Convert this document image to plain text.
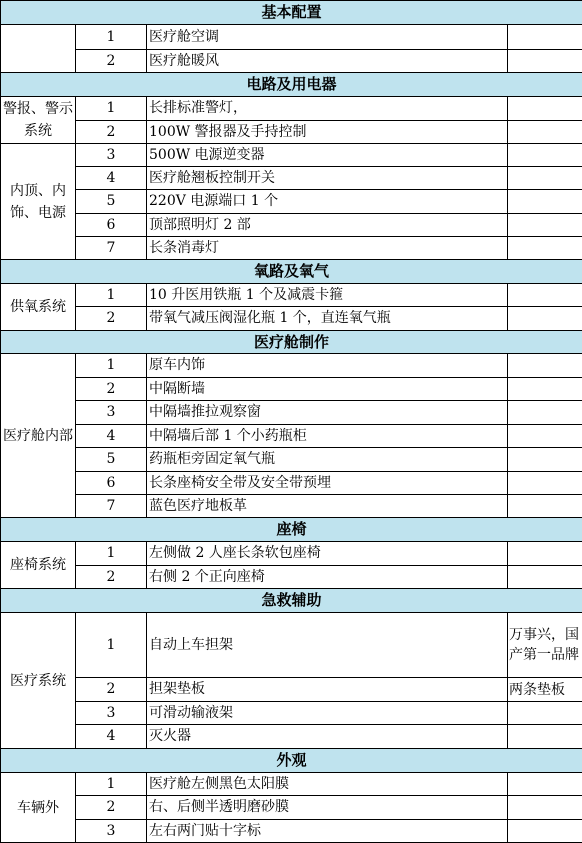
基本配置			
	1	医疗舱空调	
	2	医疗舱暖风	
电路及用电器			
警报、警示系统	1	长排标准警灯，	
	2	100W 警报器及手持控制	
内顶、内饰、电源	3	500W 电源逆变器	
	4	医疗舱翘板控制开关	
	5	220V 电源端口 1 个	
	6	顶部照明灯 2 部	
	7	长条消毒灯	
氧路及氧气			
供氧系统	1	10 升医用铁瓶 1 个及减震卡箍	
	2	带氧气减压阀湿化瓶 1 个，直连氧气瓶	
医疗舱制作			
医疗舱内部	1	原车内饰	
	2	中隔断墙	
	3	中隔墙推拉观察窗	
	4	中隔墙后部 1 个小药瓶柜	
	5	药瓶柜旁固定氧气瓶	
	6	长条座椅安全带及安全带预埋	
	7	蓝色医疗地板革	
座椅			
座椅系统	1	左侧做 2 人座长条软包座椅	
	2	右侧 2 个正向座椅	
急救辅助			
医疗系统	1	自动上车担架	万事兴，国产第一品牌
	2	担架垫板	两条垫板
	3	可滑动输液架	
	4	灭火器	
外观			
车辆外	1	医疗舱左侧黑色太阳膜	
	2	右、后侧半透明磨砂膜	
	3	左右两门贴十字标	
